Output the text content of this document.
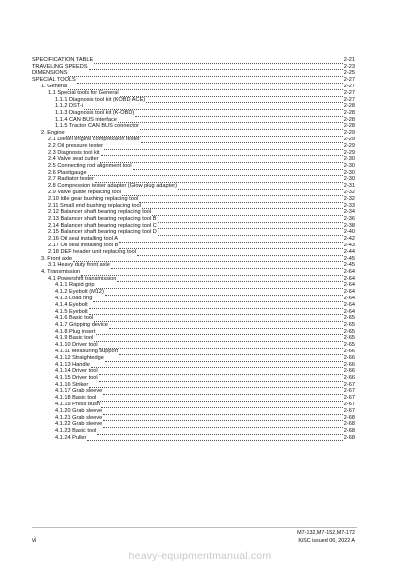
SPECIFICATION TABLE	2-21
TRAVELING SPEEDS	2-23
DIMENSIONS	2-25
SPECIAL TOOLS	2-27
1. General	2-27
1.1 Special tools for General	2-27
1.1.1 Diagnosis tool kit (KOBD ACE)	2-27
1.1.2 DST-i	2-28
1.1.3 Diagnosis tool kit (K-OBD)	2-28
1.1.4 CAN BUS interface	2-28
1.1.5 Tractor CAN BUS connector	2-28
2. Engine	2-29
2.1 Diesel engine compression tester	2-29
2.2 Oil pressure tester	2-29
2.3 Diagnosis tool kit	2-29
2.4 Valve seat cutter	2-30
2.5 Connecting rod alignment tool	2-30
2.6 Plastigauge	2-30
2.7 Radiator tester	2-30
2.8 Compression tester adapter (Glow plug adapter)	2-31
2.9 Valve guide replacing tool	2-32
2.10 Idle gear bushing replacing tool	2-32
2.11 Small end bushing replacing tool	2-33
2.12 Balancer shaft bearing replacing tool	2-34
2.13 Balancer shaft bearing replacing tool B	2-36
2.14 Balancer shaft bearing replacing tool C	2-38
2.15 Balancer shaft bearing replacing tool D	2-40
2.16 Oil seal installing tool A	2-42
2.17 Oil seal installing tool B	2-43
2.18 DEF header unit replacing tool	2-44
3. Front axle	2-45
3.1 Heavy duty front axle	2-45
4. Transmission	2-64
4.1 Powershift transmission	2-64
4.1.1 Rapid grip	2-64
4.1.2 Eyebolt (M12)	2-64
4.1.3 Load ring	2-64
4.1.4 Eyebolt	2-64
4.1.5 Eyebolt	2-64
4.1.6 Basic tool	2-65
4.1.7 Gripping device	2-65
4.1.8 Plug insert	2-65
4.1.9 Basic tool	2-65
4.1.10 Driver tool	2-65
4.1.11 Measuring support	2-66
4.1.12 Straightedge	2-66
4.1.13 Handle	2-66
4.1.14 Driver tool	2-66
4.1.15 Driver tool	2-66
4.1.16 Striker	2-67
4.1.17 Grab sleeve	2-67
4.1.18 Basic tool	2-67
4.1.19 Press bush	2-67
4.1.20 Grab sleeve	2-67
4.1.21 Grab sleeve	2-68
4.1.22 Grab sleeve	2-68
4.1.23 Basic tool	2-68
4.1.24 Puller	2-68
vi
M7-132,M7-152,M7-172
KiSC issued 06, 2022 A
heavy-equipmentmanual.com
